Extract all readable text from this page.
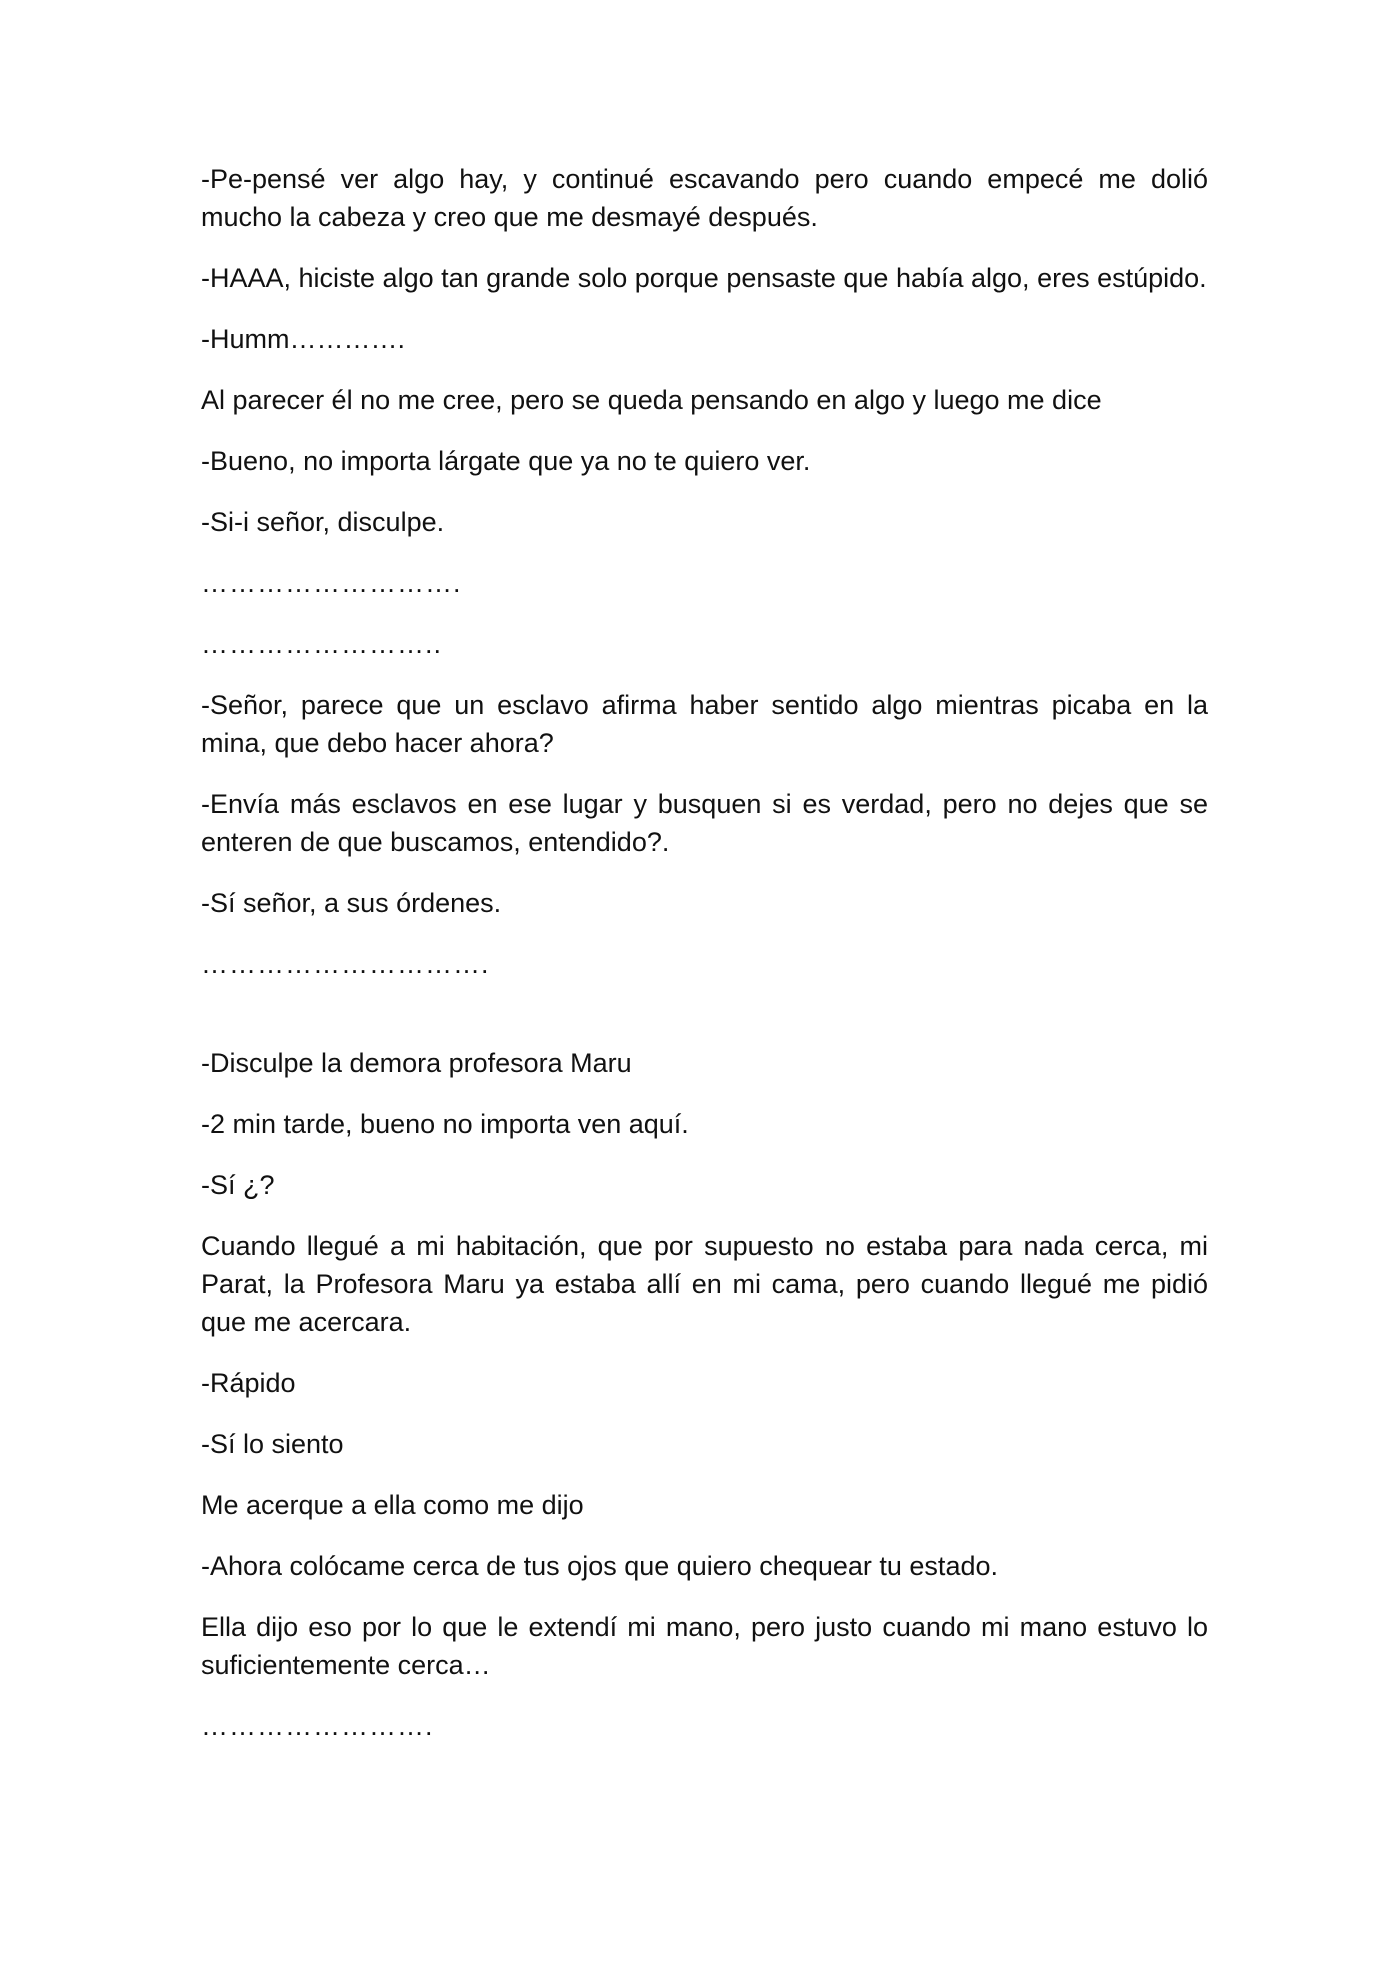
-Pe-pensé ver algo hay, y continué escavando pero cuando empecé me dolió mucho la cabeza y creo que me desmayé después.

-HAAA, hiciste algo tan grande solo porque pensaste que había algo, eres estúpido.

-Humm………….

Al parecer él no me cree, pero se queda pensando en algo y luego me dice

-Bueno, no importa lárgate que ya no te quiero ver.

-Si-i señor, disculpe.

……………………….

……………………..

-Señor, parece que un esclavo afirma haber sentido algo mientras picaba en la mina, que debo hacer ahora?

-Envía más esclavos en ese lugar y busquen si es verdad, pero no dejes que se enteren de que buscamos, entendido?.

-Sí señor, a sus órdenes.

………………………….

-Disculpe la demora profesora Maru

-2 min tarde, bueno no importa ven aquí.

-Sí ¿?

Cuando llegué a mi habitación, que por supuesto no estaba para nada cerca, mi Parat, la Profesora Maru ya estaba allí en mi cama, pero cuando llegué me pidió que me acercara.

-Rápido

-Sí lo siento

Me acerque a ella como me dijo

-Ahora colócame cerca de tus ojos que quiero chequear tu estado.

Ella dijo eso por lo que le extendí mi mano, pero justo cuando mi mano estuvo lo suficientemente cerca…

…………………….
